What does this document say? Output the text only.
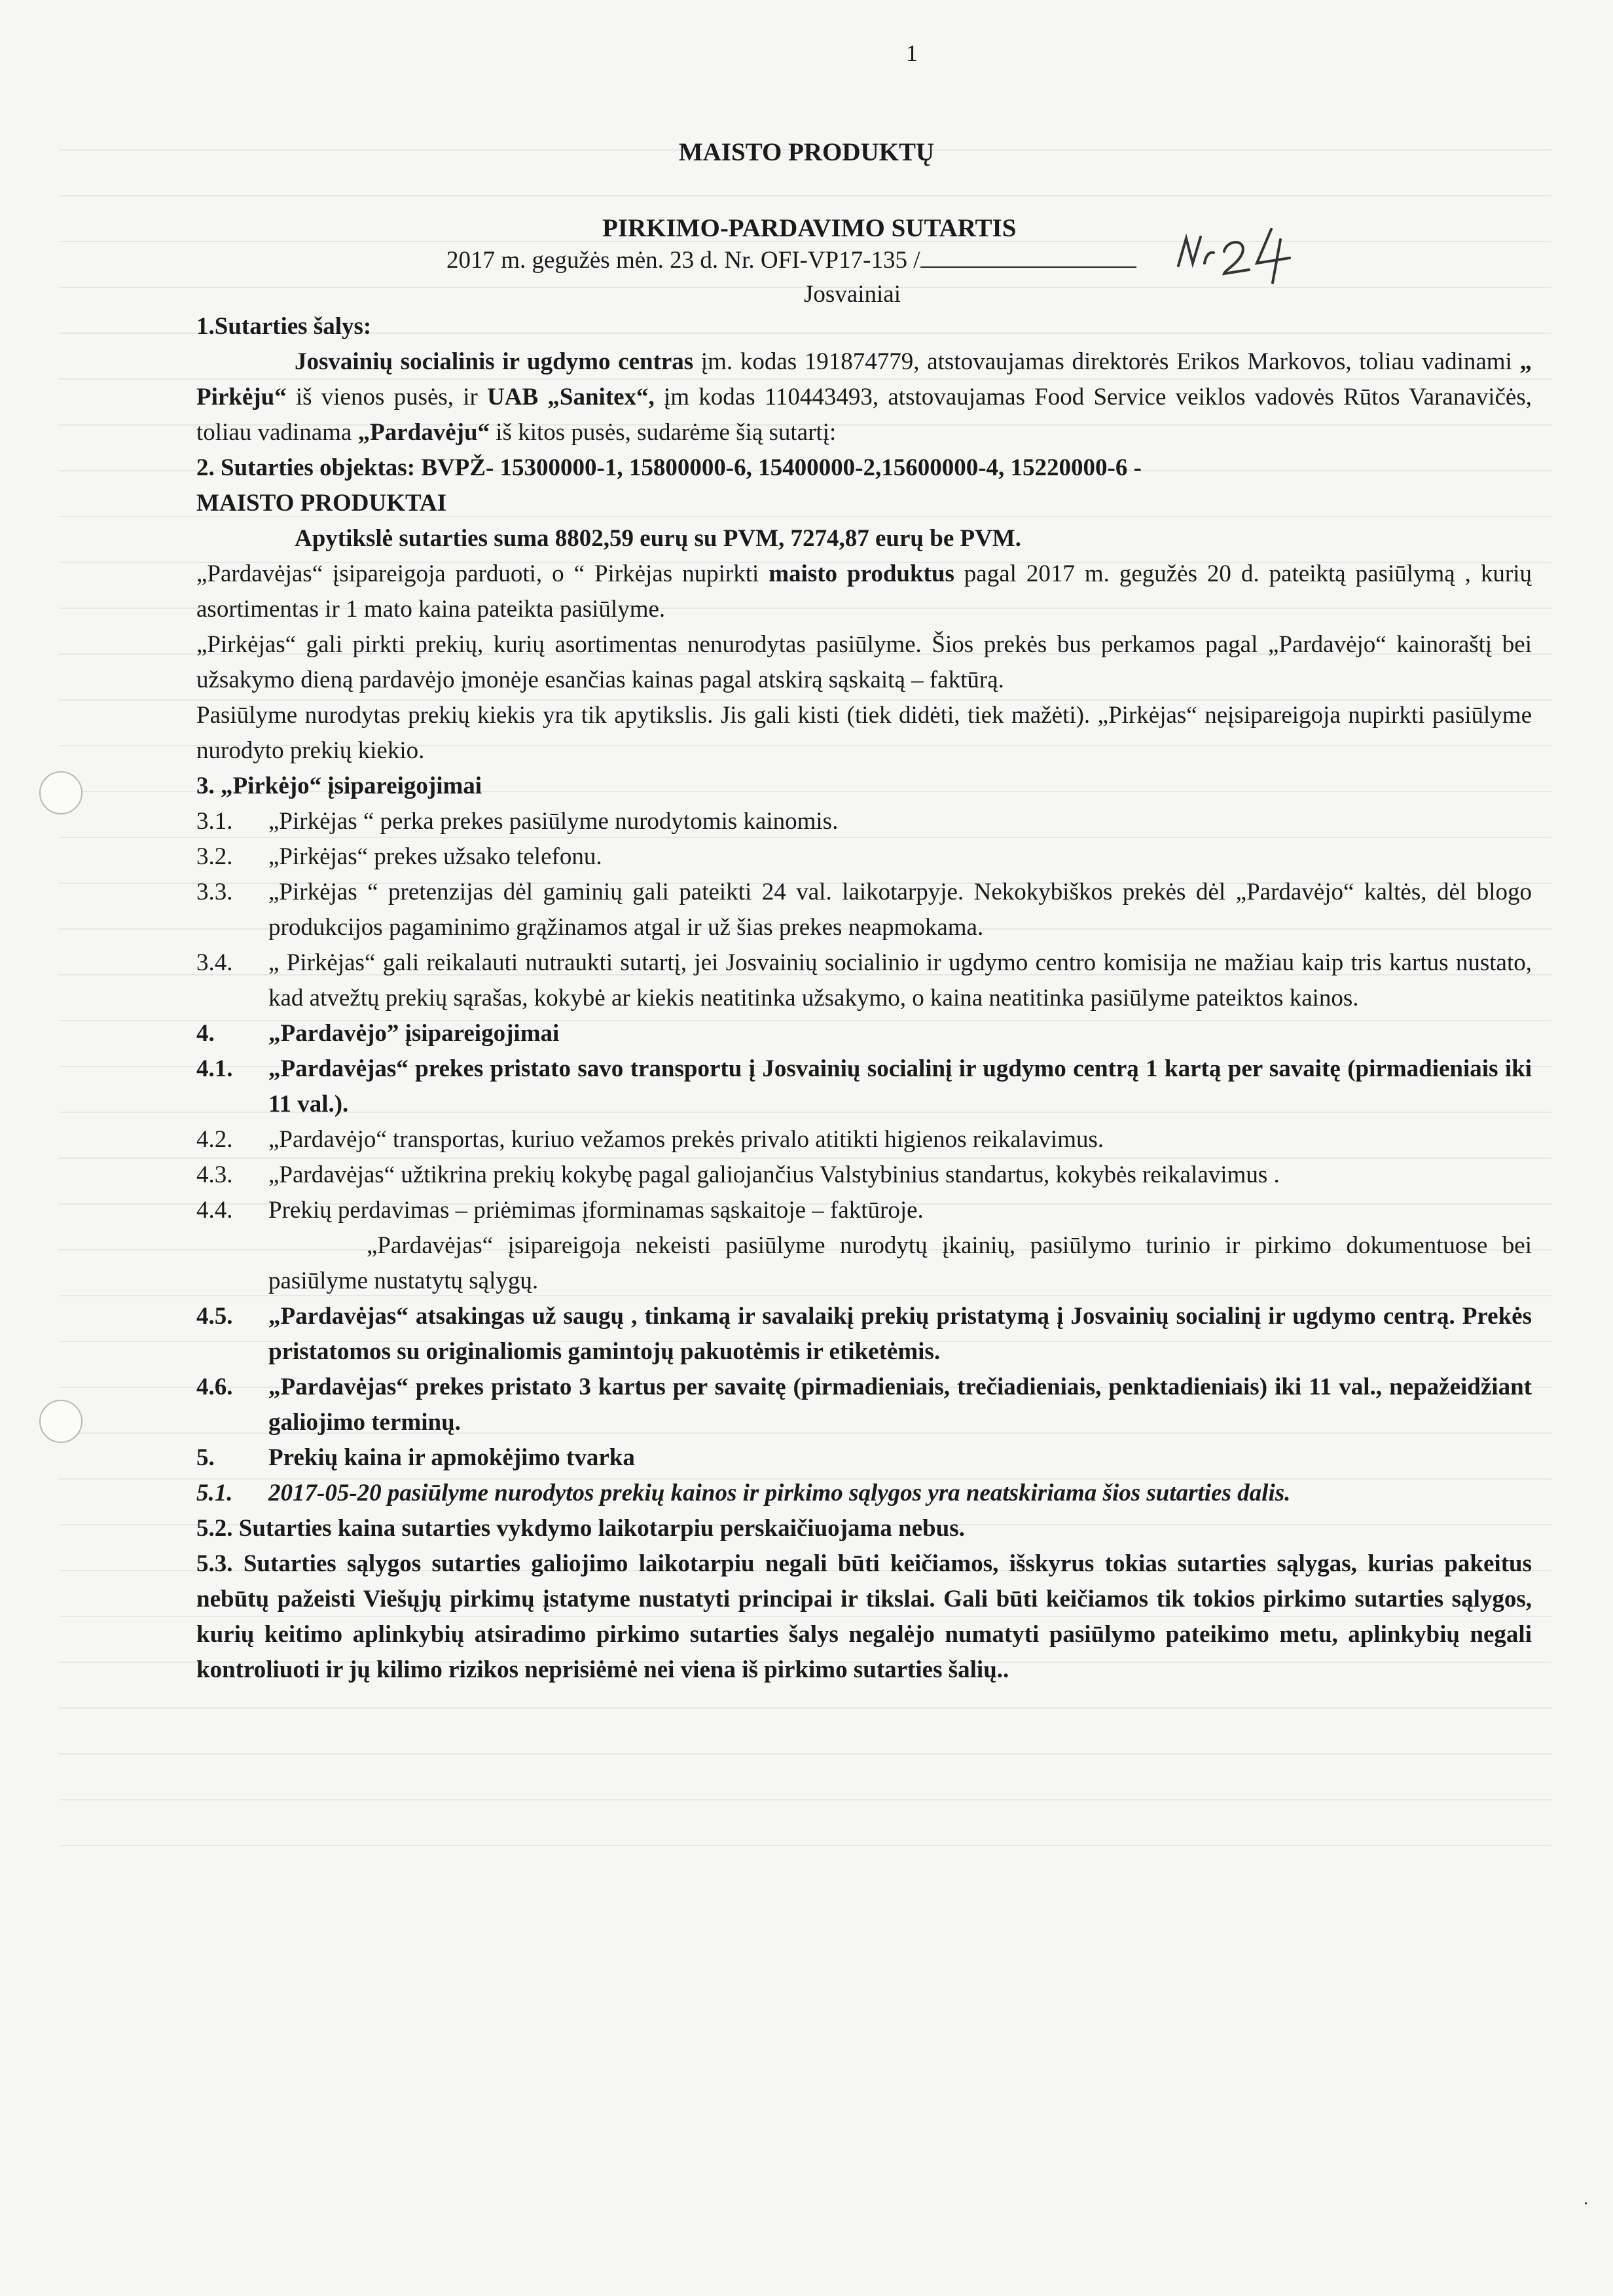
1
MAISTO PRODUKTŲ
PIRKIMO-PARDAVIMO SUTARTIS
2017 m. gegužės mėn. 23 d. Nr. OFI-VP17-135 /
Josvainiai

1.Sutarties šalys:

Josvainių socialinis ir ugdymo centras įm. kodas 191874779, atstovaujamas direktorės Erikos Markovos, toliau vadinami „ Pirkėju“ iš vienos pusės, ir UAB „Sanitex“, įm kodas 110443493, atstovaujamas Food Service veiklos vadovės Rūtos Varanavičės, toliau vadinama „Pardavėju“ iš kitos pusės, sudarėme šią sutartį:

2. Sutarties objektas: BVPŽ- 15300000-1, 15800000-6, 15400000-2,15600000-4, 15220000-6 -

MAISTO PRODUKTAI

Apytikslė sutarties suma 8802,59 eurų su PVM, 7274,87 eurų be PVM.

„Pardavėjas“ įsipareigoja parduoti, o “ Pirkėjas nupirkti maisto produktus pagal 2017 m. gegužės 20 d. pateiktą pasiūlymą , kurių asortimentas ir 1 mato kaina pateikta pasiūlyme.

„Pirkėjas“ gali pirkti prekių, kurių asortimentas nenurodytas pasiūlyme. Šios prekės bus perkamos pagal „Pardavėjo“ kainoraštį bei užsakymo dieną pardavėjo įmonėje esančias kainas pagal atskirą sąskaitą – faktūrą.

Pasiūlyme nurodytas prekių kiekis yra tik apytikslis. Jis gali kisti (tiek didėti, tiek mažėti). „Pirkėjas“ neįsipareigoja nupirkti pasiūlyme nurodyto prekių kiekio.

3. „Pirkėjo“ įsipareigojimai

3.1.	„Pirkėjas “ perka prekes pasiūlyme nurodytomis kainomis.
3.2.	„Pirkėjas“ prekes užsako telefonu.
3.3.	„Pirkėjas “ pretenzijas dėl gaminių gali pateikti 24 val. laikotarpyje. Nekokybiškos prekės dėl „Pardavėjo“ kaltės, dėl blogo produkcijos pagaminimo grąžinamos atgal ir už šias prekes neapmokama.
3.4.	„ Pirkėjas“ gali reikalauti nutraukti sutartį, jei Josvainių socialinio ir ugdymo centro komisija ne mažiau kaip tris kartus nustato, kad atvežtų prekių sąrašas, kokybė ar kiekis neatitinka užsakymo, o kaina neatitinka pasiūlyme pateiktos kainos.
4.	„Pardavėjo” įsipareigojimai
4.1.	„Pardavėjas“ prekes pristato savo transportu į Josvainių socialinį ir ugdymo centrą 1 kartą per savaitę (pirmadieniais iki 11 val.).
4.2.	„Pardavėjo“ transportas, kuriuo vežamos prekės privalo atitikti higienos reikalavimus.
4.3.	„Pardavėjas“ užtikrina prekių kokybę pagal galiojančius Valstybinius standartus, kokybės reikalavimus .
4.4.	Prekių perdavimas – priėmimas įforminamas sąskaitoje – faktūroje.
„Pardavėjas“ įsipareigoja nekeisti pasiūlyme nurodytų įkainių, pasiūlymo turinio ir pirkimo dokumentuose bei pasiūlyme nustatytų sąlygų.
4.5.	„Pardavėjas“ atsakingas už saugų , tinkamą ir savalaikį prekių pristatymą į Josvainių socialinį ir ugdymo centrą. Prekės pristatomos su originaliomis gamintojų pakuotėmis ir etiketėmis.
4.6.	„Pardavėjas“ prekes pristato 3 kartus per savaitę (pirmadieniais, trečiadieniais, penktadieniais) iki 11 val., nepažeidžiant galiojimo terminų.
5.	Prekių kaina ir apmokėjimo tvarka
5.1.	2017-05-20 pasiūlyme nurodytos prekių kainos ir pirkimo sąlygos yra neatskiriama šios sutarties dalis.

5.2. Sutarties kaina sutarties vykdymo laikotarpiu perskaičiuojama nebus.

5.3. Sutarties sąlygos sutarties galiojimo laikotarpiu negali būti keičiamos, išskyrus tokias sutarties sąlygas, kurias pakeitus nebūtų pažeisti Viešųjų pirkimų įstatyme nustatyti principai ir tikslai. Gali būti keičiamos tik tokios pirkimo sutarties sąlygos, kurių keitimo aplinkybių atsiradimo pirkimo sutarties šalys negalėjo numatyti pasiūlymo pateikimo metu, aplinkybių negali kontroliuoti ir jų kilimo rizikos neprisiėmė nei viena iš pirkimo sutarties šalių..
